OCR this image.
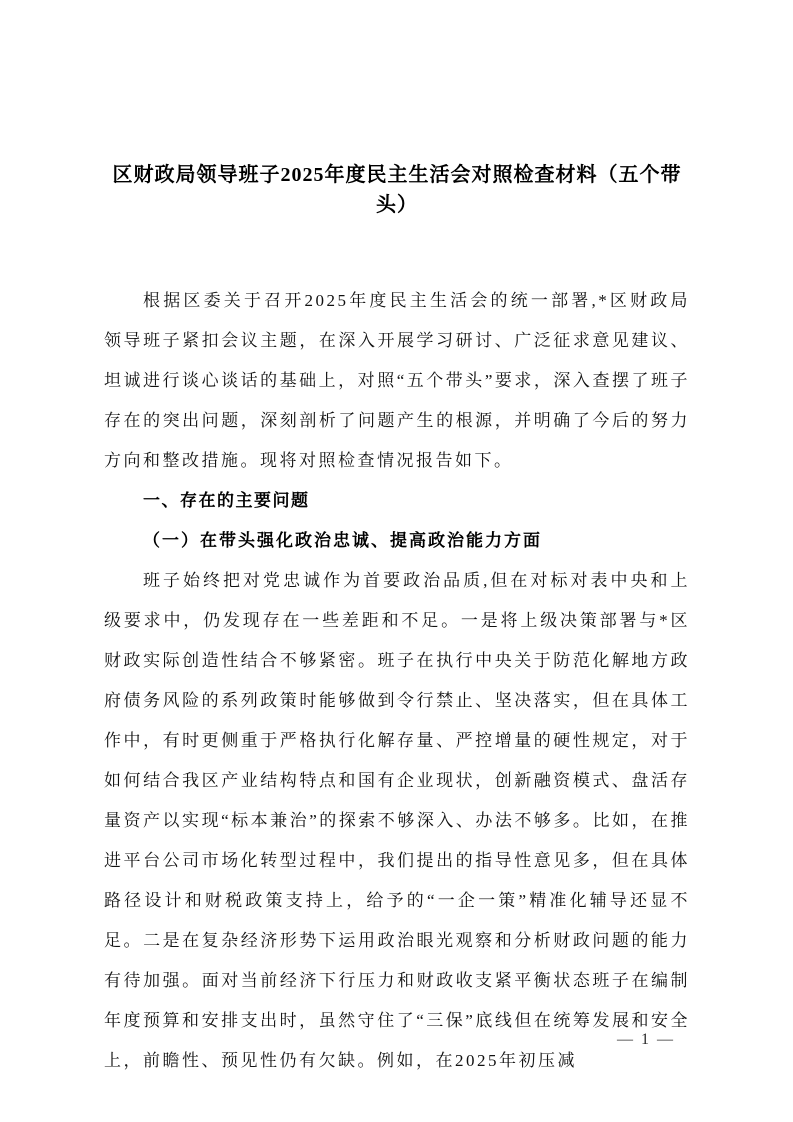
区财政局领导班子2025年度民主生活会对照检查材料（五个带头）

根据区委关于召开2025年度民主生活会的统一部署,*区财政局领导班子紧扣会议主题，在深入开展学习研讨、广泛征求意见建议、坦诚进行谈心谈话的基础上，对照“五个带头”要求，深入查摆了班子存在的突出问题，深刻剖析了问题产生的根源，并明确了今后的努力方向和整改措施。现将对照检查情况报告如下。

一、存在的主要问题
（一）在带头强化政治忠诚、提高政治能力方面

班子始终把对党忠诚作为首要政治品质,但在对标对表中央和上级要求中，仍发现存在一些差距和不足。一是将上级决策部署与*区财政实际创造性结合不够紧密。班子在执行中央关于防范化解地方政府债务风险的系列政策时能够做到令行禁止、坚决落实，但在具体工作中，有时更侧重于严格执行化解存量、严控增量的硬性规定，对于如何结合我区产业结构特点和国有企业现状，创新融资模式、盘活存量资产以实现“标本兼治”的探索不够深入、办法不够多。比如，在推进平台公司市场化转型过程中，我们提出的指导性意见多，但在具体路径设计和财税政策支持上，给予的“一企一策”精准化辅导还显不足。二是在复杂经济形势下运用政治眼光观察和分析财政问题的能力有待加强。面对当前经济下行压力和财政收支紧平衡状态班子在编制年度预算和安排支出时，虽然守住了“三保”底线但在统筹发展和安全上，前瞻性、预见性仍有欠缺。例如，在2025年初压减

— 1 —
